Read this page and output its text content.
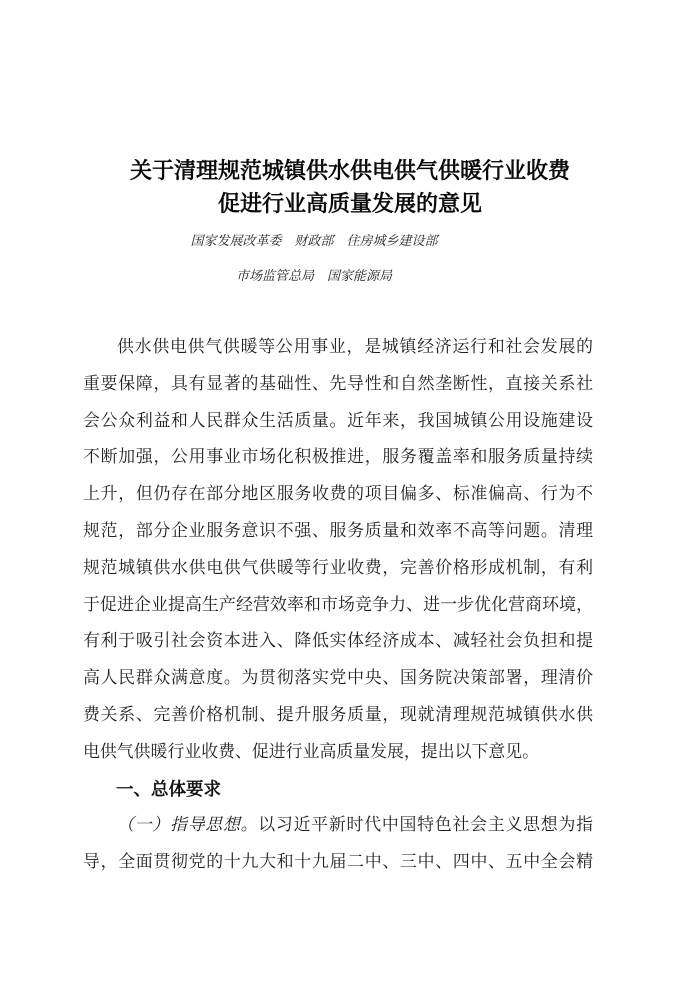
关于清理规范城镇供水供电供气供暖行业收费
促进行业高质量发展的意见
国家发展改革委　财政部　住房城乡建设部
市场监管总局　国家能源局
供水供电供气供暖等公用事业，是城镇经济运行和社会发展的
重要保障，具有显著的基础性、先导性和自然垄断性，直接关系社
会公众利益和人民群众生活质量。近年来，我国城镇公用设施建设
不断加强，公用事业市场化积极推进，服务覆盖率和服务质量持续
上升，但仍存在部分地区服务收费的项目偏多、标准偏高、行为不
规范，部分企业服务意识不强、服务质量和效率不高等问题。清理
规范城镇供水供电供气供暖等行业收费，完善价格形成机制，有利
于促进企业提高生产经营效率和市场竞争力、进一步优化营商环境，
有利于吸引社会资本进入、降低实体经济成本、减轻社会负担和提
高人民群众满意度。为贯彻落实党中央、国务院决策部署，理清价
费关系、完善价格机制、提升服务质量，现就清理规范城镇供水供
电供气供暖行业收费、促进行业高质量发展，提出以下意见。
一、总体要求
（一）指导思想。以习近平新时代中国特色社会主义思想为指
导，全面贯彻党的十九大和十九届二中、三中、四中、五中全会精
